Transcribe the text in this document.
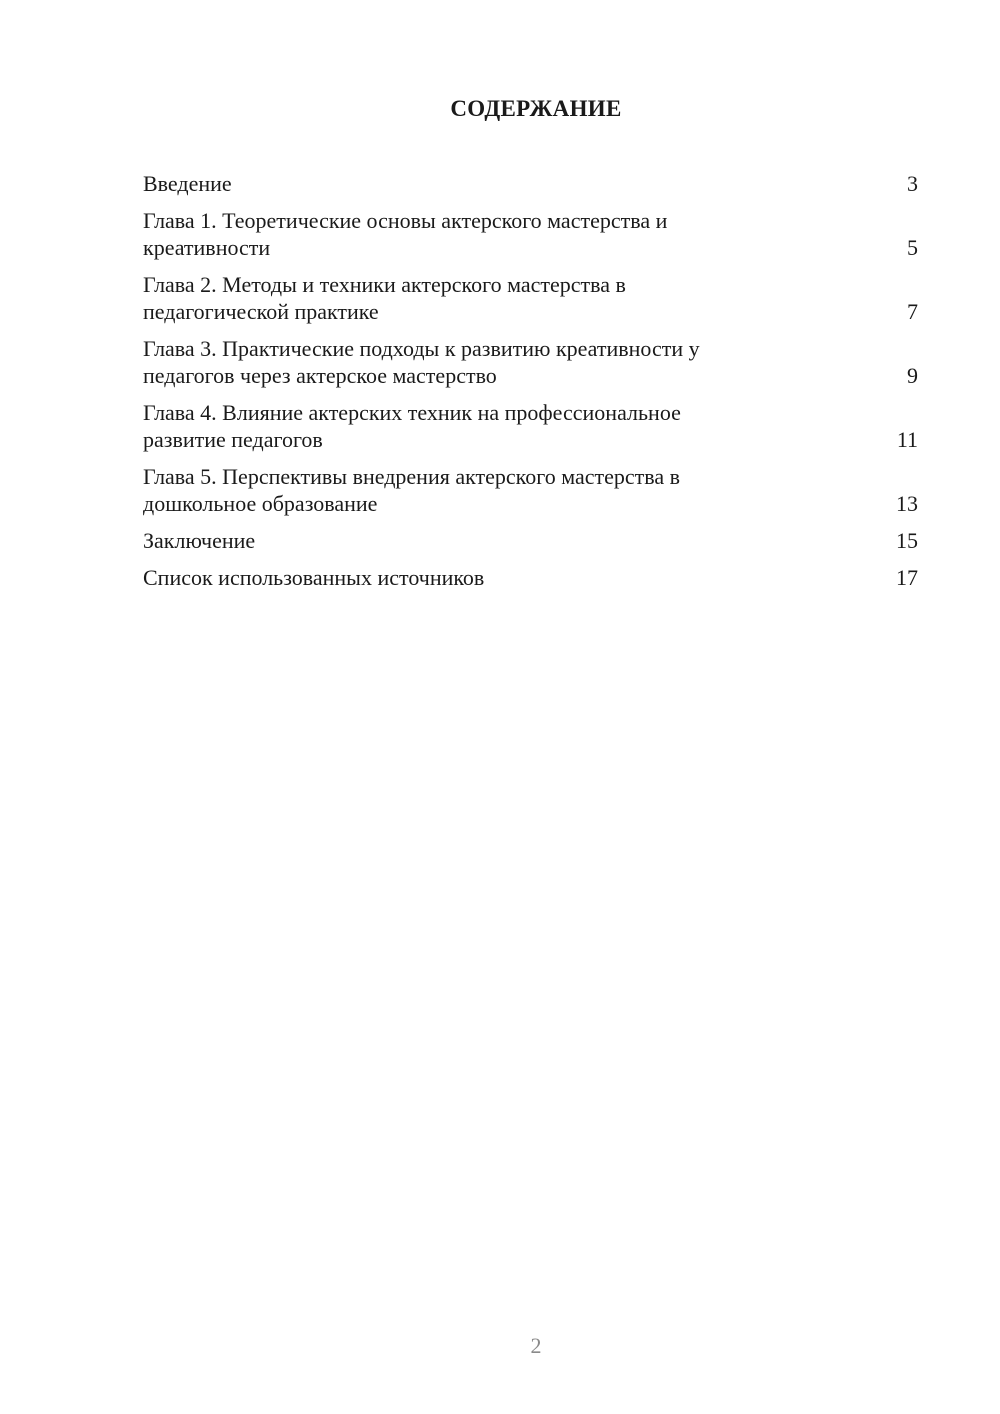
СОДЕРЖАНИЕ
Введение	3
Глава 1. Теоретические основы актерского мастерства и
креативности	5
Глава 2. Методы и техники актерского мастерства в
педагогической практике	7
Глава 3. Практические подходы к развитию креативности у
педагогов через актерское мастерство	9
Глава 4. Влияние актерских техник на профессиональное
развитие педагогов	11
Глава 5. Перспективы внедрения актерского мастерства в
дошкольное образование	13
Заключение	15
Список использованных источников	17
2
